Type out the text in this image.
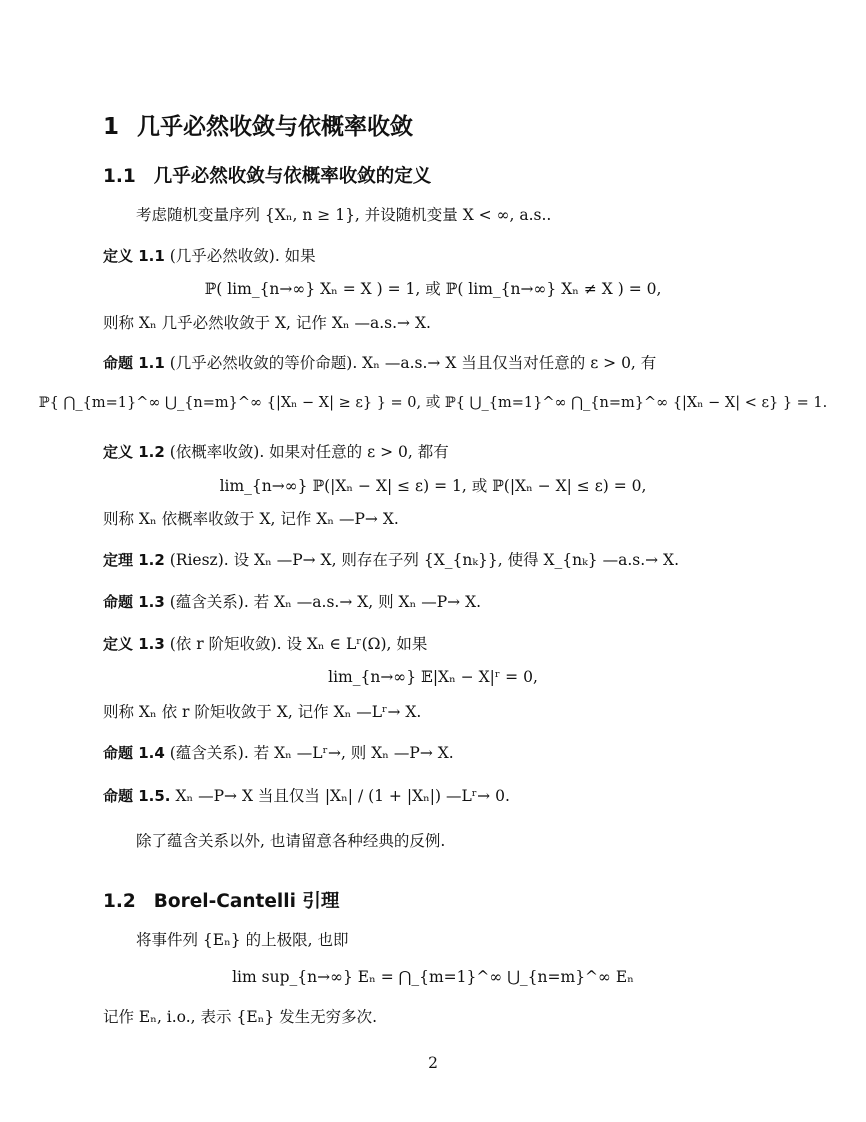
1 几乎必然收敛与依概率收敛
1.1 几乎必然收敛与依概率收敛的定义
考虑随机变量序列 {Xₙ, n ≥ 1}, 并设随机变量 X < ∞, a.s..
定义 1.1 (几乎必然收敛). 如果
ℙ( lim_{n→∞} Xₙ = X ) = 1, 或 ℙ( lim_{n→∞} Xₙ ≠ X ) = 0,
则称 Xₙ 几乎必然收敛于 X, 记作 Xₙ —a.s.→ X.
命题 1.1 (几乎必然收敛的等价命题). Xₙ —a.s.→ X 当且仅当对任意的 ε > 0, 有
ℙ{ ⋂_{m=1}^∞ ⋃_{n=m}^∞ {|Xₙ − X| ≥ ε} } = 0, 或 ℙ{ ⋃_{m=1}^∞ ⋂_{n=m}^∞ {|Xₙ − X| < ε} } = 1.
定义 1.2 (依概率收敛). 如果对任意的 ε > 0, 都有
lim_{n→∞} ℙ(|Xₙ − X| ≤ ε) = 1, 或 ℙ(|Xₙ − X| ≤ ε) = 0,
则称 Xₙ 依概率收敛于 X, 记作 Xₙ —P→ X.
定理 1.2 (Riesz). 设 Xₙ —P→ X, 则存在子列 {X_{nₖ}}, 使得 X_{nₖ} —a.s.→ X.
命题 1.3 (蕴含关系). 若 Xₙ —a.s.→ X, 则 Xₙ —P→ X.
定义 1.3 (依 r 阶矩收敛). 设 Xₙ ∈ Lʳ(Ω), 如果
lim_{n→∞} 𝔼|Xₙ − X|ʳ = 0,
则称 Xₙ 依 r 阶矩收敛于 X, 记作 Xₙ —Lʳ→ X.
命题 1.4 (蕴含关系). 若 Xₙ —Lʳ→, 则 Xₙ —P→ X.
命题 1.5. Xₙ —P→ X 当且仅当 |Xₙ| / (1 + |Xₙ|) —Lʳ→ 0.
除了蕴含关系以外, 也请留意各种经典的反例.
1.2 Borel-Cantelli 引理
将事件列 {Eₙ} 的上极限, 也即
lim sup_{n→∞} Eₙ = ⋂_{m=1}^∞ ⋃_{n=m}^∞ Eₙ
记作 Eₙ, i.o., 表示 {Eₙ} 发生无穷多次.
2
